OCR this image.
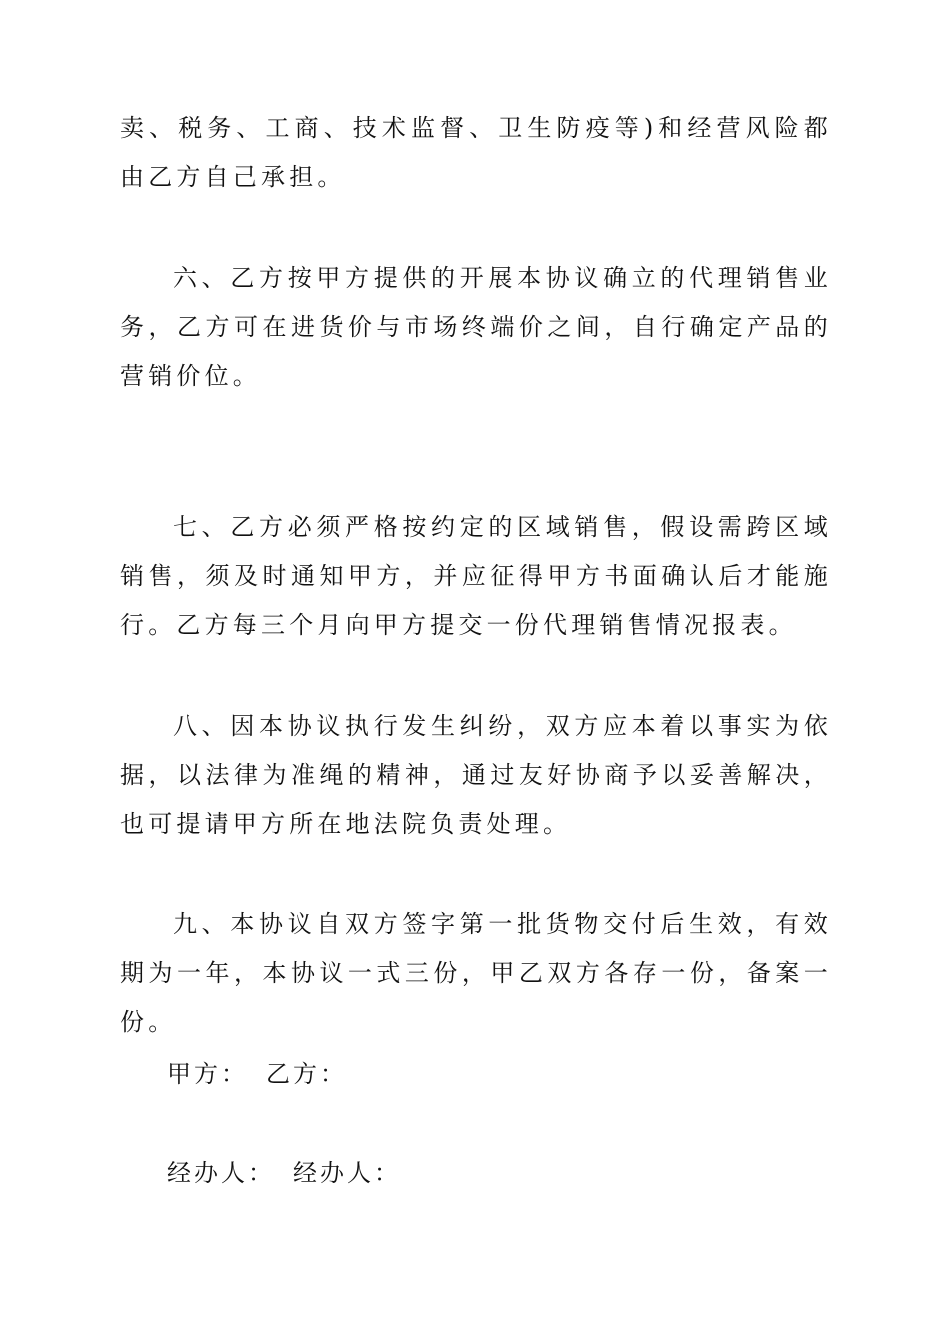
卖、税务、工商、技术监督、卫生防疫等)和经营风险都由乙方自己承担。

六、乙方按甲方提供的开展本协议确立的代理销售业务，乙方可在进货价与市场终端价之间，自行确定产品的营销价位。

七、乙方必须严格按约定的区域销售，假设需跨区域销售，须及时通知甲方，并应征得甲方书面确认后才能施行。乙方每三个月向甲方提交一份代理销售情况报表。

八、因本协议执行发生纠纷，双方应本着以事实为依据，以法律为准绳的精神，通过友好协商予以妥善解决，也可提请甲方所在地法院负责处理。

九、本协议自双方签字第一批货物交付后生效，有效期为一年，本协议一式三份，甲乙双方各存一份，备案一份。

甲方： 乙方：
经办人： 经办人：
